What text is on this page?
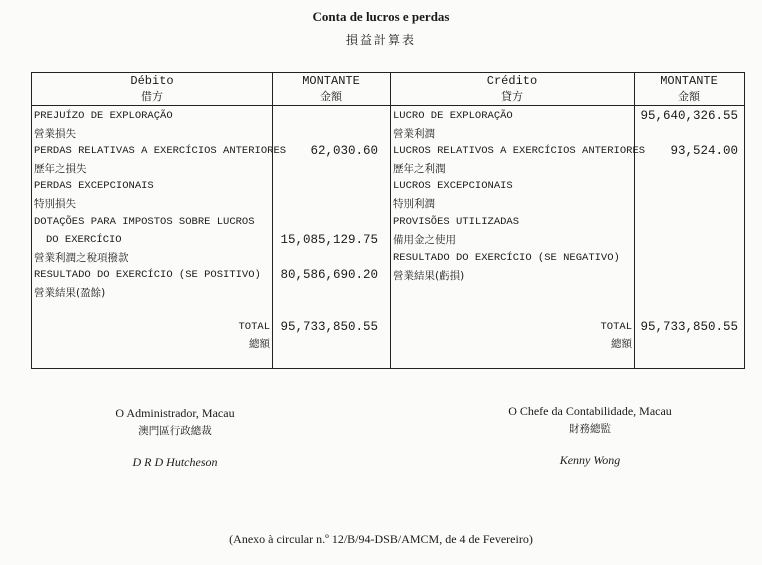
Conta de lucros e perdas
損益計算表
Débito
借方
MONTANTE
金額
Crédito
貸方
MONTANTE
金額
PREJUÍZO DE EXPLORAÇÃO
營業損失
PERDAS RELATIVAS A EXERCÍCIOS ANTERIORES
歷年之損失
62,030.60
PERDAS EXCEPCIONAIS
特別損失
DOTAÇÕES PARA IMPOSTOS SOBRE LUCROS
DO EXERCÍCIO
營業利潤之稅項撥款
15,085,129.75
RESULTADO DO EXERCÍCIO (SE POSITIVO)
營業結果(盈餘)
80,586,690.20
LUCRO DE EXPLORAÇÃO
營業利潤
95,640,326.55
LUCROS RELATIVOS A EXERCÍCIOS ANTERIORES
歷年之利潤
93,524.00
LUCROS EXCEPCIONAIS
特別利潤
PROVISÕES UTILIZADAS
備用金之使用
RESULTADO DO EXERCÍCIO (SE NEGATIVO)
營業結果(虧損)
TOTAL
總額
95,733,850.55	TOTAL
總額
95,733,850.55
O Administrador, Macau
澳門區行政總裁
D R D Hutcheson
O Chefe da Contabilidade, Macau
財務總監
Kenny Wong
(Anexo à circular n.º 12/B/94-DSB/AMCM, de 4 de Fevereiro)
